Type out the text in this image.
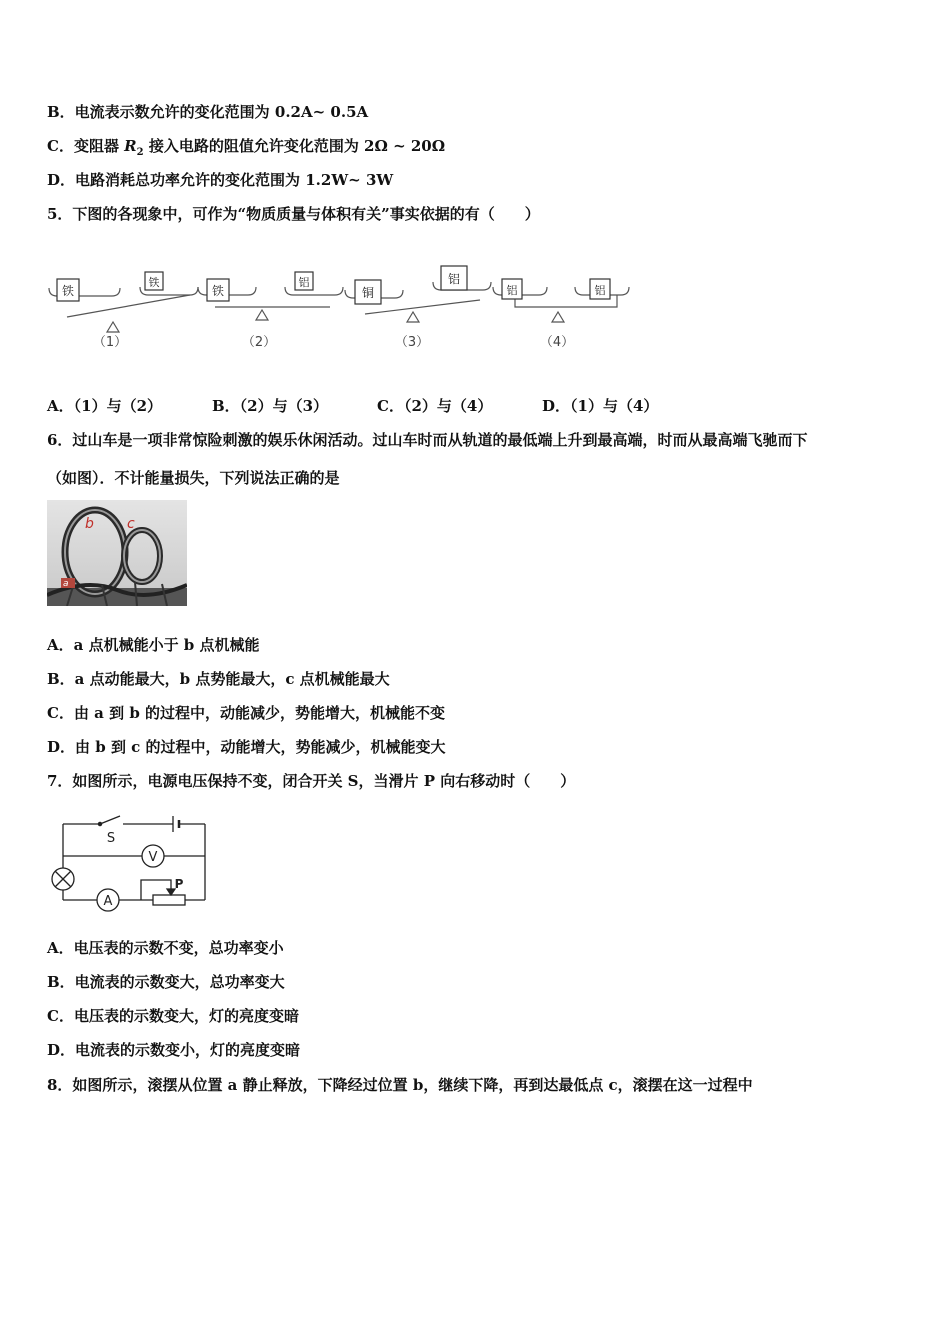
B．电流表示数允许的变化范围为 0.2A~ 0.5A
C．变阻器 $R_2$ 接入电路的阻值允许变化范围为 2Ω ~ 20Ω
D．电路消耗总功率允许的变化范围为 1.2W~ 3W
5．下图的各现象中，可作为“物质质量与体积有关”事实依据的有（　　）
铁
铁
铁
铝
铜
铝
铝	铝
（1）	（2）	（3）	（4）
A．（1）与（2）	B．（2）与（3）	C．（2）与（4）	D．（1）与（4）
6．过山车是一项非常惊险刺激的娱乐休闲活动。过山车时而从轨道的最低端上升到最高端，时而从最高端飞驰而下
（如图）．不计能量损失，下列说法正确的是
b c
a
A．a 点机械能小于 b 点机械能
B．a 点动能最大，b 点势能最大，c 点机械能最大
C．由 a 到 b 的过程中，动能减少，势能增大，机械能不变
D．由 b 到 c 的过程中，动能增大，势能减少，机械能变大
7．如图所示，电源电压保持不变，闭合开关 S，当滑片 P 向右移动时（　　）
S
V
A
P
A．电压表的示数不变，总功率变小
B．电流表的示数变大，总功率变大
C．电压表的示数变大，灯的亮度变暗
D．电流表的示数变小，灯的亮度变暗
8．如图所示，滚摆从位置 a 静止释放，下降经过位置 b，继续下降，再到达最低点 c，滚摆在这一过程中
